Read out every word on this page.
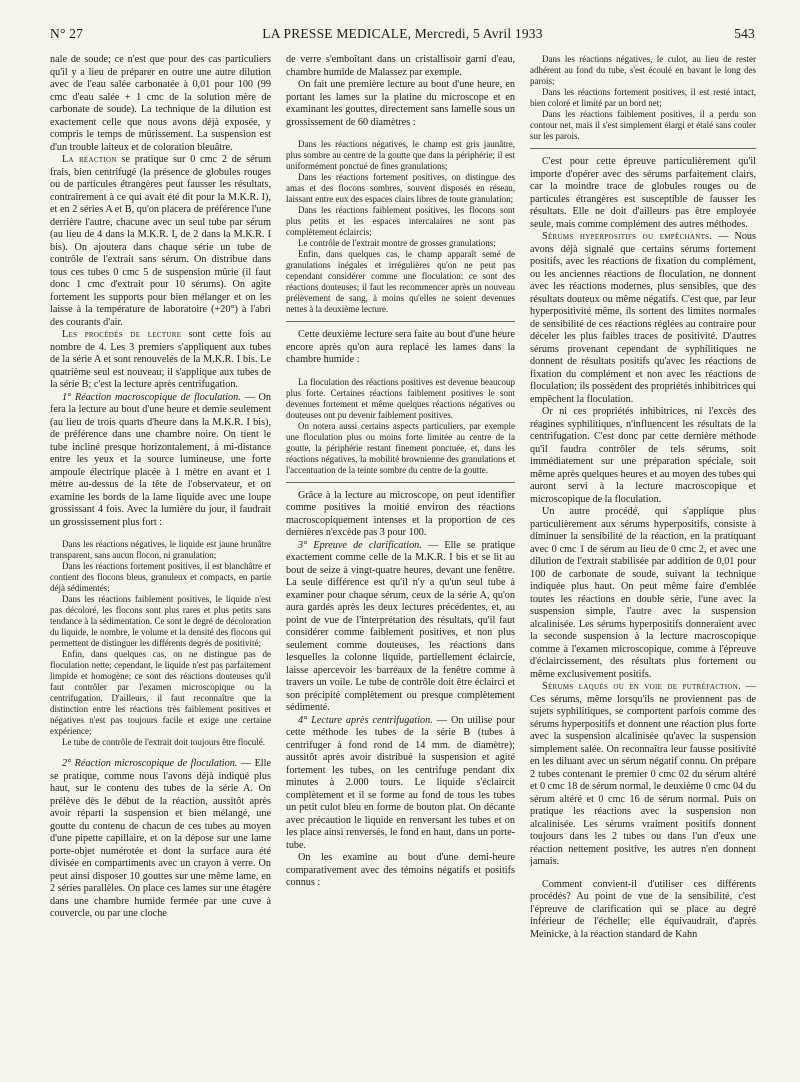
N° 27	LA PRESSE MEDICALE, Mercredi, 5 Avril 1933	543

nale de soude; ce n'est que pour des cas particuliers qu'il y a lieu de préparer en outre une autre dilution avec de l'eau salée carbonatée à 0,01 pour 100 (99 cmc d'eau salée + 1 cmc de la solution mère de carbonate de soude). La technique de la dilution est exactement celle que nous avons déjà exposée, y compris le temps de mûrissement. La suspension est d'un trouble laiteux et de coloration bleuâtre.

La réaction se pratique sur 0 cmc 2 de sérum frais, bien centrifugé (la présence de globules rouges ou de particules étrangères peut fausser les résultats, contrairement à ce qui avait été dit pour la M.K.R. I), et en 2 séries A et B, qu'on placera de préférence l'une derrière l'autre, chacune avec un seul tube par sérum (au lieu de 4 dans la M.K.R. I, de 2 dans la M.K.R. I bis). On ajoutera dans chaque série un tube de contrôle de l'extrait sans sérum. On distribue dans tous ces tubes 0 cmc 5 de suspension mûrie (il faut donc 1 cmc d'extrait pour 10 sérums). On agite fortement les supports pour bien mélanger et on les laisse à la température de laboratoire (+20°) à l'abri des courants d'air.

Les procédés de lecture sont cette fois au nombre de 4. Les 3 premiers s'appliquent aux tubes de la série A et sont renouvelés de la M.K.R. I bis. Le quatrième seul est nouveau; il s'applique aux tubes de la série B; c'est la lecture après centrifugation.

1° Réaction macroscopique de floculation. — On fera la lecture au bout d'une heure et demie seulement (au lieu de trois quarts d'heure dans la M.K.R. I bis), de préférence dans une chambre noire. On tient le tube incliné presque horizontalement, à mi-distance entre les yeux et la source lumineuse, une forte ampoule électrique placée à 1 mètre en avant et 1 mètre au-dessus de la tête de l'observateur, et on examine les bords de la lame liquide avec une loupe grossissant 4 fois. Avec la lumière du jour, il faudrait un grossissement plus fort :

Dans les réactions négatives, le liquide est jaune brunâtre transparent, sans aucun flocon, ni granulation;

Dans les réactions fortement positives, il est blanchâtre et contient des flocons bleus, granuleux et compacts, en partie déjà sédimentés;

Dans les réactions faiblement positives, le liquide n'est pas décoloré, les flocons sont plus rares et plus petits sans tendance à la sédimentation. Ce sont le degré de décoloration du liquide, le nombre, le volume et la densité des flocons qui permettent de distinguer les différents degrés de positivité;

Enfin, dans quelques cas, on ne distingue pas de floculation nette; cependant, le liquide n'est pas parfaitement limpide et homogène; ce sont des réactions douteuses qu'il faut contrôler par l'examen microscopique ou la centrifugation. D'ailleurs, il faut reconnaître que la distinction entre les réactions très faiblement positives et négatives n'est pas toujours facile et exige une certaine expérience;

Le tube de contrôle de l'extrait doit toujours être floculé.

2° Réaction microscopique de floculation. — Elle se pratique, comme nous l'avons déjà indiqué plus haut, sur le contenu des tubes de la série A. On prélève dès le début de la réaction, aussitôt après avoir réparti la suspension et bien mélangé, une goutte du contenu de chacun de ces tubes au moyen d'une pipette capillaire, et on la dépose sur une lame porte-objet numérotée et dont la surface aura été divisée en compartiments avec un crayon à verre. On peut ainsi disposer 10 gouttes sur une même lame, en 2 séries parallèles. On place ces lames sur une étagère dans une chambre humide fermée par une cuve à couvercle, ou par une cloche

de verre s'emboîtant dans un cristallisoir garni d'eau, chambre humide de Malassez par exemple.

On fait une première lecture au bout d'une heure, en portant les lames sur la platine du microscope et en examinant les gouttes, directement sans lamelle sous un grossissement de 60 diamètres :

Dans les réactions négatives, le champ est gris jaunâtre, plus sombre au centre de la goutte que dans la périphérie; il est uniformément ponctué de fines granulations;

Dans les réactions fortement positives, on distingue des amas et des flocons sombres, souvent disposés en réseau, laissant entre eux des espaces clairs libres de toute granulation;

Dans les réactions faiblement positives, les flocons sont plus petits et les espaces intercalaires ne sont pas complètement éclaircis;

Le contrôle de l'extrait montre de grosses granulations;

Enfin, dans quelques cas, le champ apparaît semé de granulations inégales et irrégulières qu'on ne peut pas cependant considérer comme une floculation: ce sont des réactions douteuses; il faut les recommencer après un nouveau prélèvement de sang, à moins qu'elles ne soient devenues nettes à la deuxième lecture.

Cette deuxième lecture sera faite au bout d'une heure encore après qu'on aura replacé les lames dans la chambre humide :

La floculation des réactions positives est devenue beaucoup plus forte. Certaines réactions faiblement positives le sont devenues fortement et même quelques réactions négatives ou douteuses ont pu devenir faiblement positives.

On notera aussi certains aspects particuliers, par exemple une floculation plus ou moins forte limitée au centre de la goutte, la périphérie restant finement ponctuée, et, dans les réactions négatives, la mobilité brownienne des granulations et l'accentuation de la teinte sombre du centre de la goutte.

Grâce à la lecture au microscope, on peut identifier comme positives la moitié environ des réactions macroscopiquement intenses et la proportion de ces dernières n'excède pas 3 pour 100.

3° Epreuve de clarification. — Elle se pratique exactement comme celle de la M.K.R. I bis et se lit au bout de seize à vingt-quatre heures, devant une fenêtre. La seule différence est qu'il n'y a qu'un seul tube à examiner pour chaque sérum, ceux de la série A, qu'on aura gardés après les deux lectures précédentes, et, au point de vue de l'interprétation des résultats, qu'il faut considérer comme faiblement positives, et non plus seulement comme douteuses, les réactions dans lesquelles la colonne liquide, partiellement éclaircie, laisse apercevoir les barreaux de la fenêtre comme à travers un voile. Le tube de contrôle doit être éclairci et son précipité complètement ou presque complètement sédimenté.

4° Lecture après centrifugation. — On utilise pour cette méthode les tubes de la série B (tubes à centrifuger à fond rond de 14 mm. de diamètre); aussitôt après avoir distribué la suspension et agité fortement les tubes, on les centrifuge pendant dix minutes à 2.000 tours. Le liquide s'éclaircit complètement et il se forme au fond de tous les tubes un petit culot bleu en forme de bouton plat. On décante avec précaution le liquide en renversant les tubes et on les place ainsi renversés, le fond en haut, dans un porte-tube.

On les examine au bout d'une demi-heure comparativement avec des témoins négatifs et positifs connus :

Dans les réactions négatives, le culot, au lieu de rester adhérent au fond du tube, s'est écoulé en bavant le long des parois;

Dans les réactions fortement positives, il est resté intact, bien coloré et limité par un bord net;

Dans les réactions faiblement positives, il a perdu son contour net, mais il s'est simplement élargi et étalé sans couler sur les parois.

C'est pour cette épreuve particulièrement qu'il importe d'opérer avec des sérums parfaitement clairs, car la moindre trace de globules rouges ou de particules étrangères est susceptible de fausser les résultats. Elle ne doit d'ailleurs pas être employée seule, mais comme complément des autres méthodes.

Sérums hyperpositifs ou empêchants. — Nous avons déjà signalé que certains sérums fortement positifs, avec les réactions de fixation du complément, ou les anciennes réactions de floculation, ne donnent avec les réactions modernes, plus sensibles, que des résultats douteux ou même négatifs. C'est que, par leur hyperpositivité même, ils sortent des limites normales de sensibilité de ces réactions réglées au contraire pour déceler les plus faibles traces de positivité. D'autres sérums provenant cependant de syphilitiques ne donnent de résultats positifs qu'avec les réactions de fixation du complément et non avec les réactions de floculation; ils possèdent des propriétés inhibitrices qui empêchent la floculation.

Or ni ces propriétés inhibitrices, ni l'excès des réagines syphilitiques, n'influencent les résultats de la centrifugation. C'est donc par cette dernière méthode qu'il faudra contrôler de tels sérums, soit immédiatement sur une préparation spéciale, soit même après quelques heures et au moyen des tubes qui auront servi à la lecture macroscopique et microscopique de la floculation.

Un autre procédé, qui s'applique plus particulièrement aux sérums hyperpositifs, consiste à diminuer la sensibilité de la réaction, en la pratiquant avec 0 cmc 1 de sérum au lieu de 0 cmc 2, et avec une dilution de l'extrait stabilisée par addition de 0,01 pour 100 de carbonate de soude, suivant la technique indiquée plus haut. On peut même faire d'emblée toutes les réactions en double série, l'une avec la suspension simple, l'autre avec la suspension alcalinisée. Les sérums hyperpositifs donneraient avec la seconde suspension à la lecture macroscopique comme à l'examen microscopique, comme à l'épreuve d'éclaircissement, des résultats plus fortement ou même exclusivement positifs.

Sérums laqués ou en voie de putréfaction. — Ces sérums, même lorsqu'ils ne proviennent pas de sujets syphilitiques, se comportent parfois comme des sérums hyperpositifs et donnent une réaction plus forte avec la suspension alcalinisée qu'avec la suspension simplement salée. On reconnaîtra leur fausse positivité en les diluant avec un sérum négatif connu. On prépare 2 tubes contenant le premier 0 cmc 02 du sérum altéré et 0 cmc 18 de sérum normal, le deuxième 0 cmc 04 du sérum altéré et 0 cmc 16 de sérum normal. Puis on pratique les réactions avec la suspension non alcalinisée. Les sérums vraiment positifs donnent toujours dans les 2 tubes ou dans l'un d'eux une réaction nettement positive, les autres n'en donnent jamais.

Comment convient-il d'utiliser ces différents procédés? Au point de vue de la sensibilité, c'est l'épreuve de clarification qui se place au degré inférieur de l'échelle; elle équivaudrait, d'après Meinicke, à la réaction standard de Kahn
